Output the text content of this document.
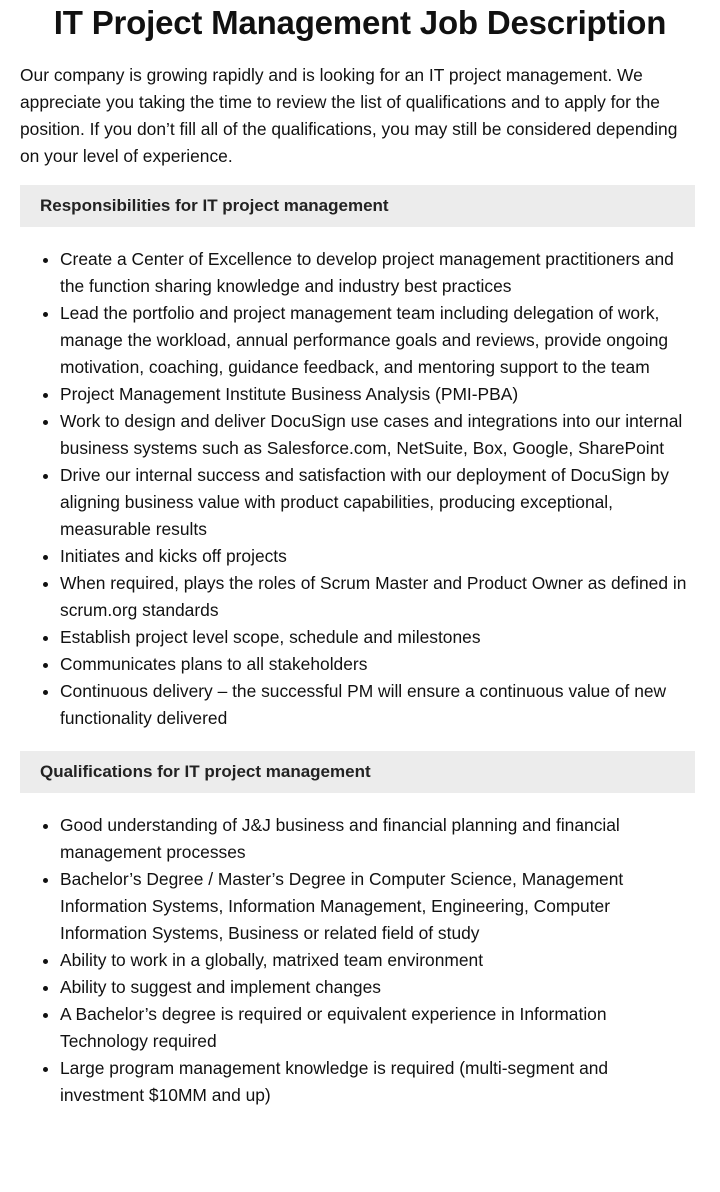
IT Project Management Job Description

Our company is growing rapidly and is looking for an IT project management. We appreciate you taking the time to review the list of qualifications and to apply for the position. If you don’t fill all of the qualifications, you may still be considered depending on your level of experience.

Responsibilities for IT project management
• Create a Center of Excellence to develop project management practitioners and the function sharing knowledge and industry best practices
• Lead the portfolio and project management team including delegation of work, manage the workload, annual performance goals and reviews, provide ongoing motivation, coaching, guidance feedback, and mentoring support to the team
• Project Management Institute Business Analysis (PMI-PBA)
• Work to design and deliver DocuSign use cases and integrations into our internal business systems such as Salesforce.com, NetSuite, Box, Google, SharePoint
• Drive our internal success and satisfaction with our deployment of DocuSign by aligning business value with product capabilities, producing exceptional, measurable results
• Initiates and kicks off projects
• When required, plays the roles of Scrum Master and Product Owner as defined in scrum.org standards
• Establish project level scope, schedule and milestones
• Communicates plans to all stakeholders
• Continuous delivery – the successful PM will ensure a continuous value of new functionality delivered
Qualifications for IT project management
• Good understanding of J&J business and financial planning and financial management processes
• Bachelor’s Degree / Master’s Degree in Computer Science, Management Information Systems, Information Management, Engineering, Computer Information Systems, Business or related field of study
• Ability to work in a globally, matrixed team environment
• Ability to suggest and implement changes
• A Bachelor’s degree is required or equivalent experience in Information Technology required
• Large program management knowledge is required (multi-segment and investment $10MM and up)
